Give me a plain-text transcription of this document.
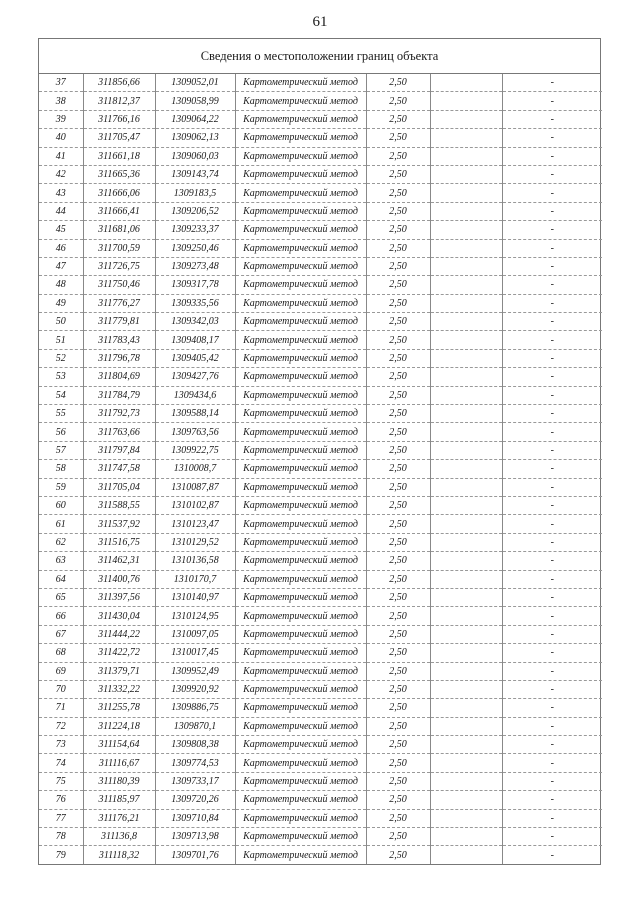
61
Сведения о местоположении границ объекта
37	311856,66	1309052,01	Картометрический метод	2,50		-
38	311812,37	1309058,99	Картометрический метод	2,50		-
39	311766,16	1309064,22	Картометрический метод	2,50		-
40	311705,47	1309062,13	Картометрический метод	2,50		-
41	311661,18	1309060,03	Картометрический метод	2,50		-
42	311665,36	1309143,74	Картометрический метод	2,50		-
43	311666,06	1309183,5	Картометрический метод	2,50		-
44	311666,41	1309206,52	Картометрический метод	2,50		-
45	311681,06	1309233,37	Картометрический метод	2,50		-
46	311700,59	1309250,46	Картометрический метод	2,50		-
47	311726,75	1309273,48	Картометрический метод	2,50		-
48	311750,46	1309317,78	Картометрический метод	2,50		-
49	311776,27	1309335,56	Картометрический метод	2,50		-
50	311779,81	1309342,03	Картометрический метод	2,50		-
51	311783,43	1309408,17	Картометрический метод	2,50		-
52	311796,78	1309405,42	Картометрический метод	2,50		-
53	311804,69	1309427,76	Картометрический метод	2,50		-
54	311784,79	1309434,6	Картометрический метод	2,50		-
55	311792,73	1309588,14	Картометрический метод	2,50		-
56	311763,66	1309763,56	Картометрический метод	2,50		-
57	311797,84	1309922,75	Картометрический метод	2,50		-
58	311747,58	1310008,7	Картометрический метод	2,50		-
59	311705,04	1310087,87	Картометрический метод	2,50		-
60	311588,55	1310102,87	Картометрический метод	2,50		-
61	311537,92	1310123,47	Картометрический метод	2,50		-
62	311516,75	1310129,52	Картометрический метод	2,50		-
63	311462,31	1310136,58	Картометрический метод	2,50		-
64	311400,76	1310170,7	Картометрический метод	2,50		-
65	311397,56	1310140,97	Картометрический метод	2,50		-
66	311430,04	1310124,95	Картометрический метод	2,50		-
67	311444,22	1310097,05	Картометрический метод	2,50		-
68	311422,72	1310017,45	Картометрический метод	2,50		-
69	311379,71	1309952,49	Картометрический метод	2,50		-
70	311332,22	1309920,92	Картометрический метод	2,50		-
71	311255,78	1309886,75	Картометрический метод	2,50		-
72	311224,18	1309870,1	Картометрический метод	2,50		-
73	311154,64	1309808,38	Картометрический метод	2,50		-
74	311116,67	1309774,53	Картометрический метод	2,50		-
75	311180,39	1309733,17	Картометрический метод	2,50		-
76	311185,97	1309720,26	Картометрический метод	2,50		-
77	311176,21	1309710,84	Картометрический метод	2,50		-
78	311136,8	1309713,98	Картометрический метод	2,50		-
79	311118,32	1309701,76	Картометрический метод	2,50		-
